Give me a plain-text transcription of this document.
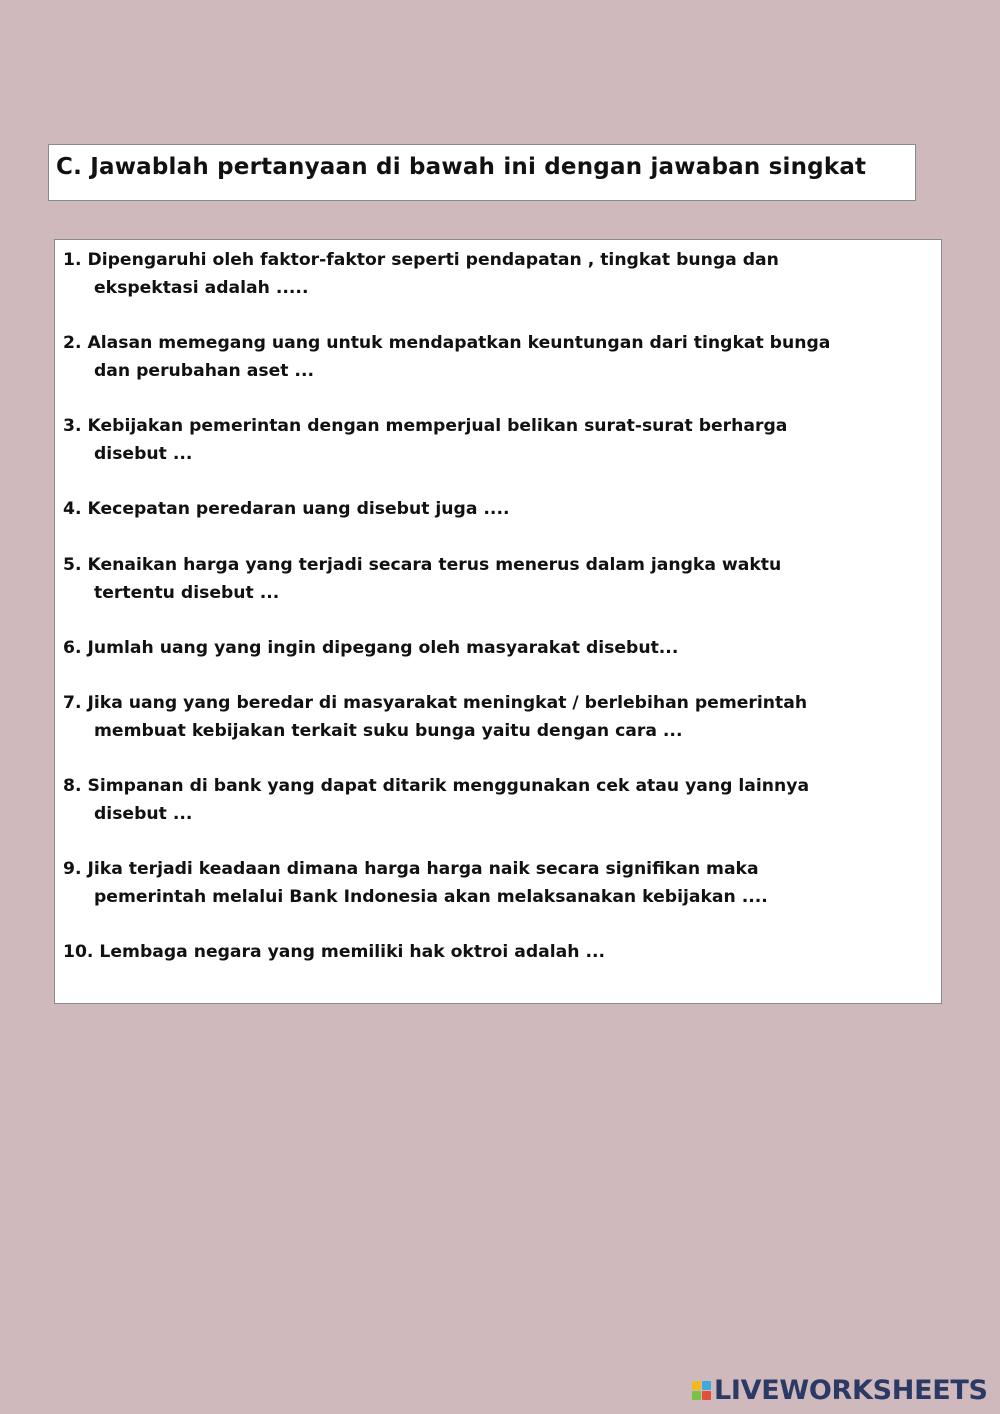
C. Jawablah pertanyaan di bawah ini dengan jawaban singkat
1. Dipengaruhi oleh faktor-faktor seperti pendapatan , tingkat bunga dan
ekspektasi adalah .....
2. Alasan memegang uang untuk mendapatkan keuntungan dari tingkat bunga
dan perubahan aset ...
3. Kebijakan pemerintan dengan memperjual belikan surat-surat berharga
disebut ...
4. Kecepatan peredaran uang disebut juga ....
5. Kenaikan harga yang terjadi secara terus menerus dalam jangka waktu
tertentu disebut ...
6. Jumlah uang yang ingin dipegang oleh masyarakat disebut...
7. Jika uang yang beredar di masyarakat meningkat / berlebihan pemerintah
membuat kebijakan terkait suku bunga yaitu dengan cara ...
8. Simpanan di bank yang dapat ditarik menggunakan cek atau yang lainnya
disebut ...
9. Jika terjadi keadaan dimana harga harga naik secara signifikan maka
pemerintah melalui Bank Indonesia akan melaksanakan kebijakan ....
10. Lembaga negara yang memiliki hak oktroi adalah ...
LIVEWORKSHEETS
